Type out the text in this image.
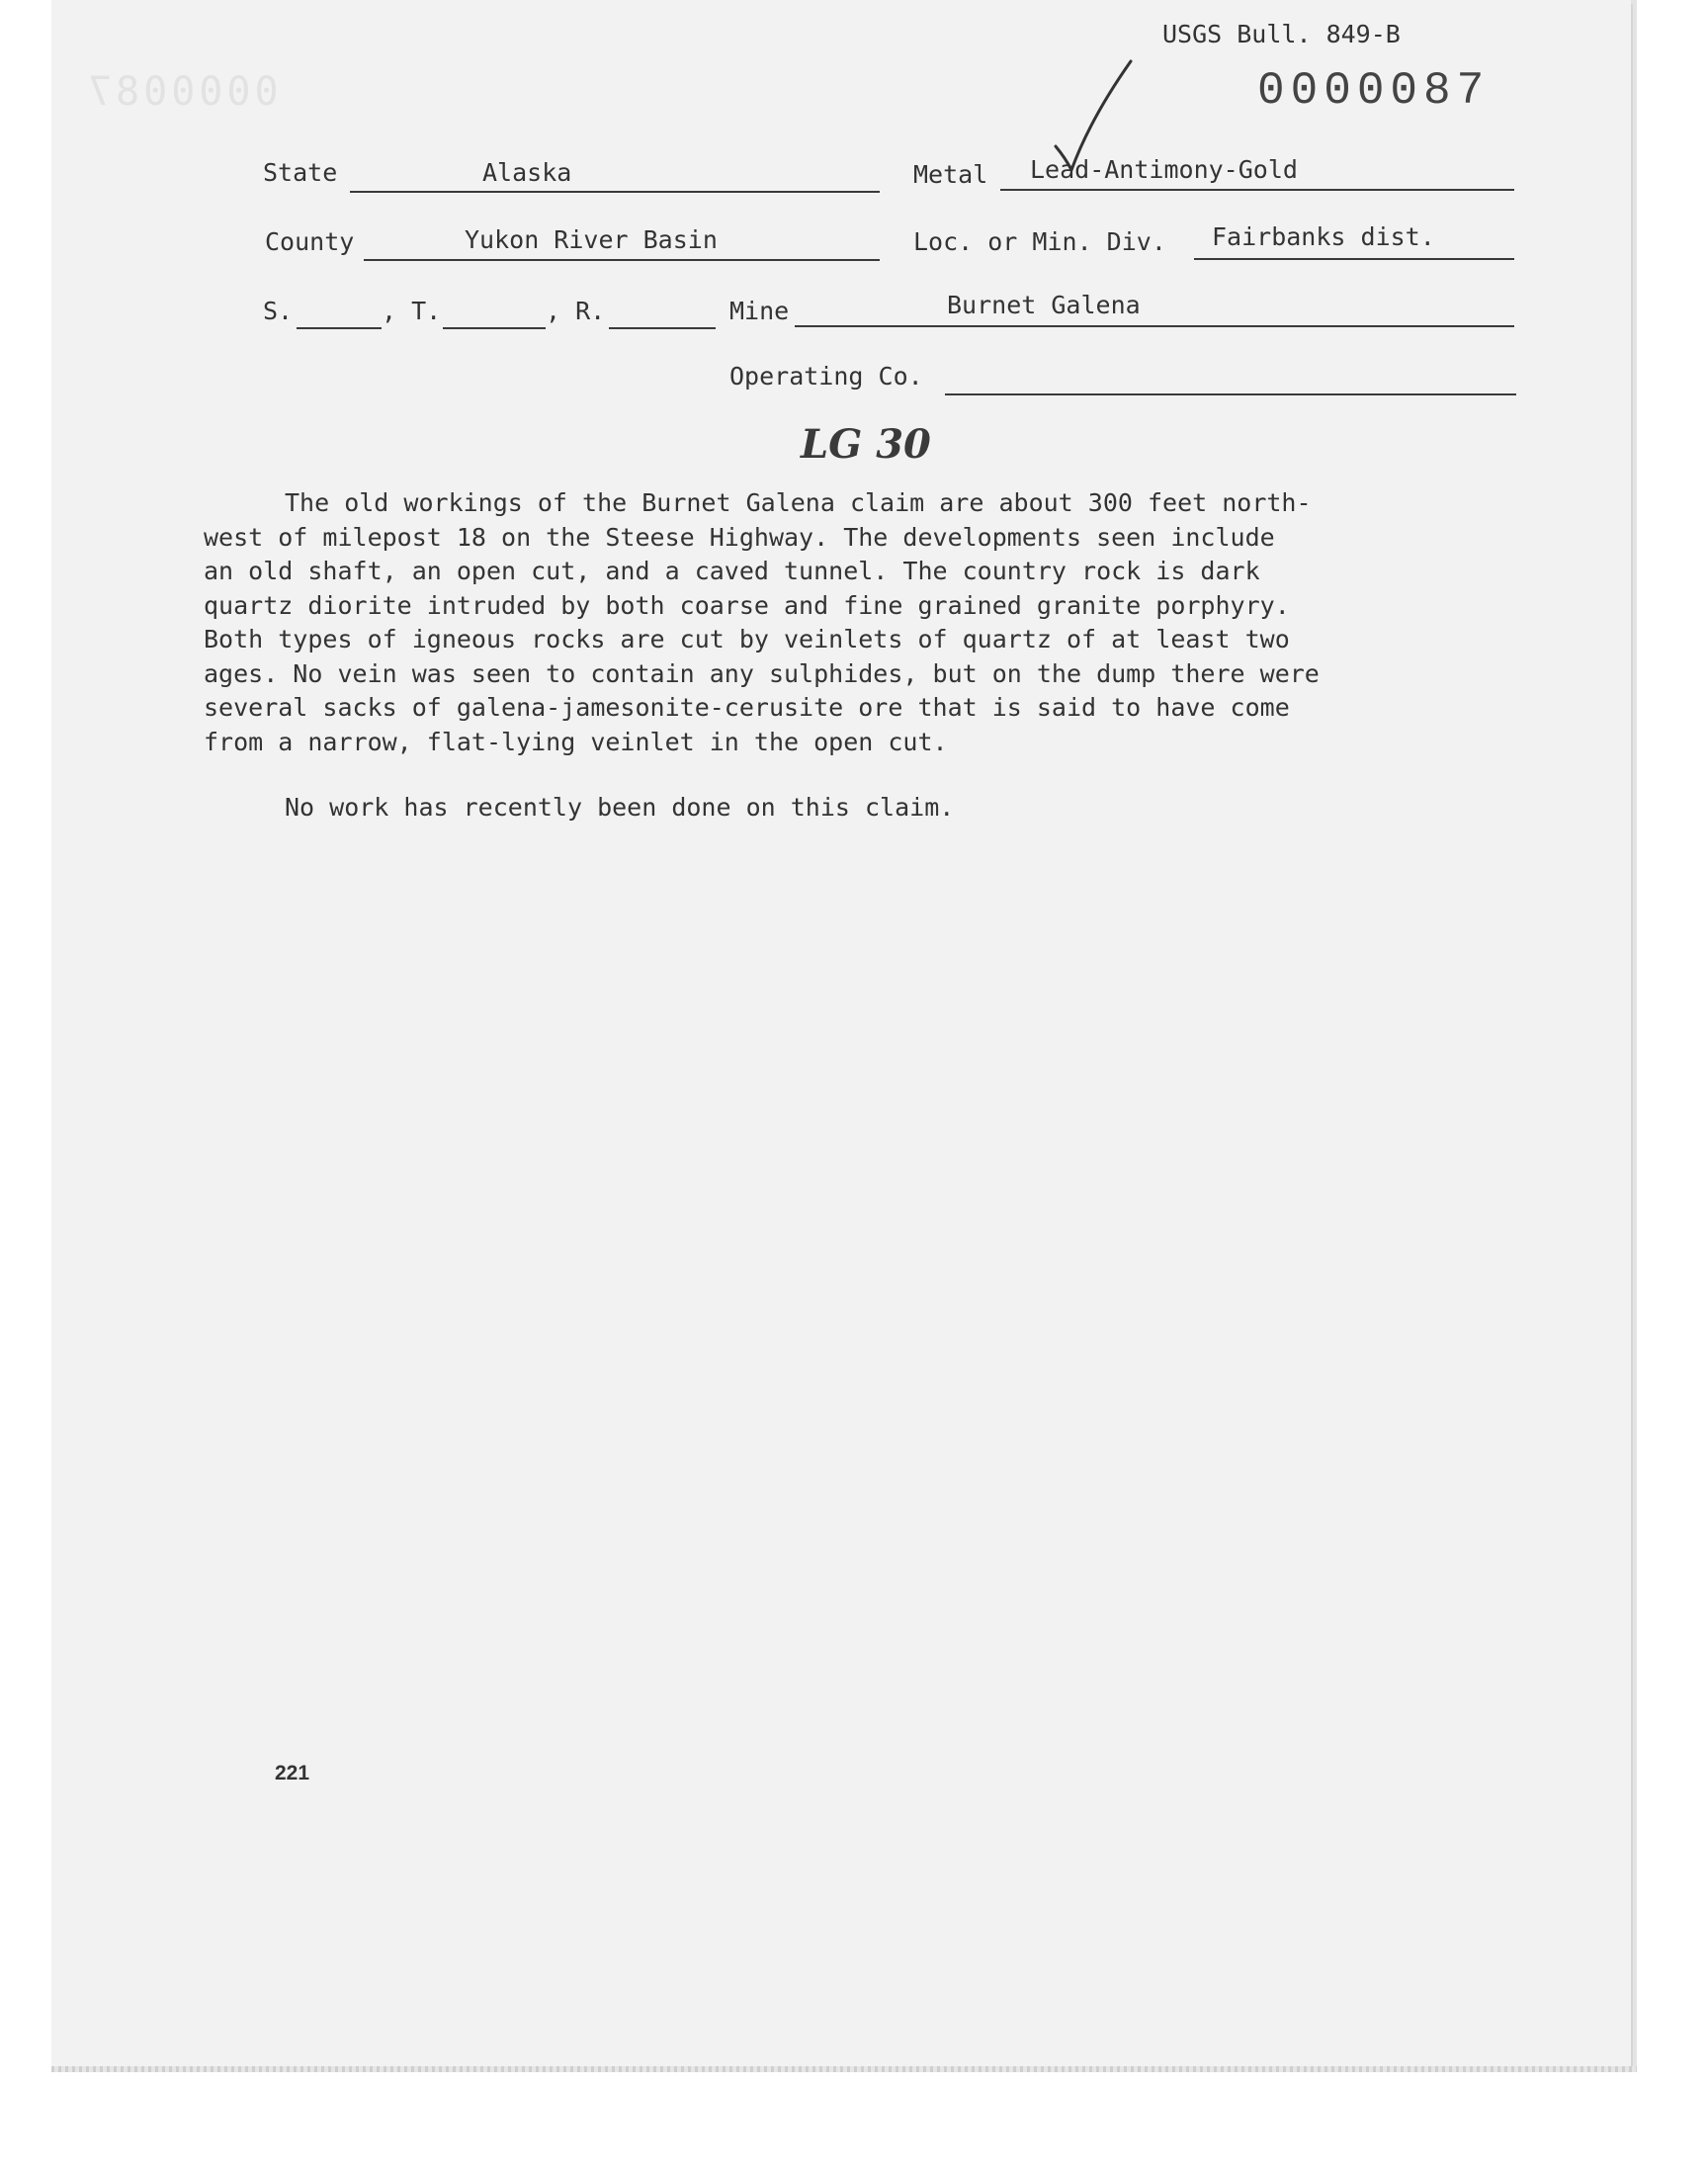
0000087
USGS Bull. 849-B
0000087
State	Alaska	Metal Lead-Antimony-Gold
County	Yukon River Basin	Loc. or Min. Div. Fairbanks dist.
S.	, T.	, R.	Mine	Burnet Galena
Operating Co.
LG 30

The old workings of the Burnet Galena claim are about 300 feet north-
west of milepost 18 on the Steese Highway. The developments seen include
an old shaft, an open cut, and a caved tunnel. The country rock is dark
quartz diorite intruded by both coarse and fine grained granite porphyry.
Both types of igneous rocks are cut by veinlets of quartz of at least two
ages. No vein was seen to contain any sulphides, but on the dump there were
several sacks of galena-jamesonite-cerusite ore that is said to have come
from a narrow, flat-lying veinlet in the open cut.

No work has recently been done on this claim.

221
